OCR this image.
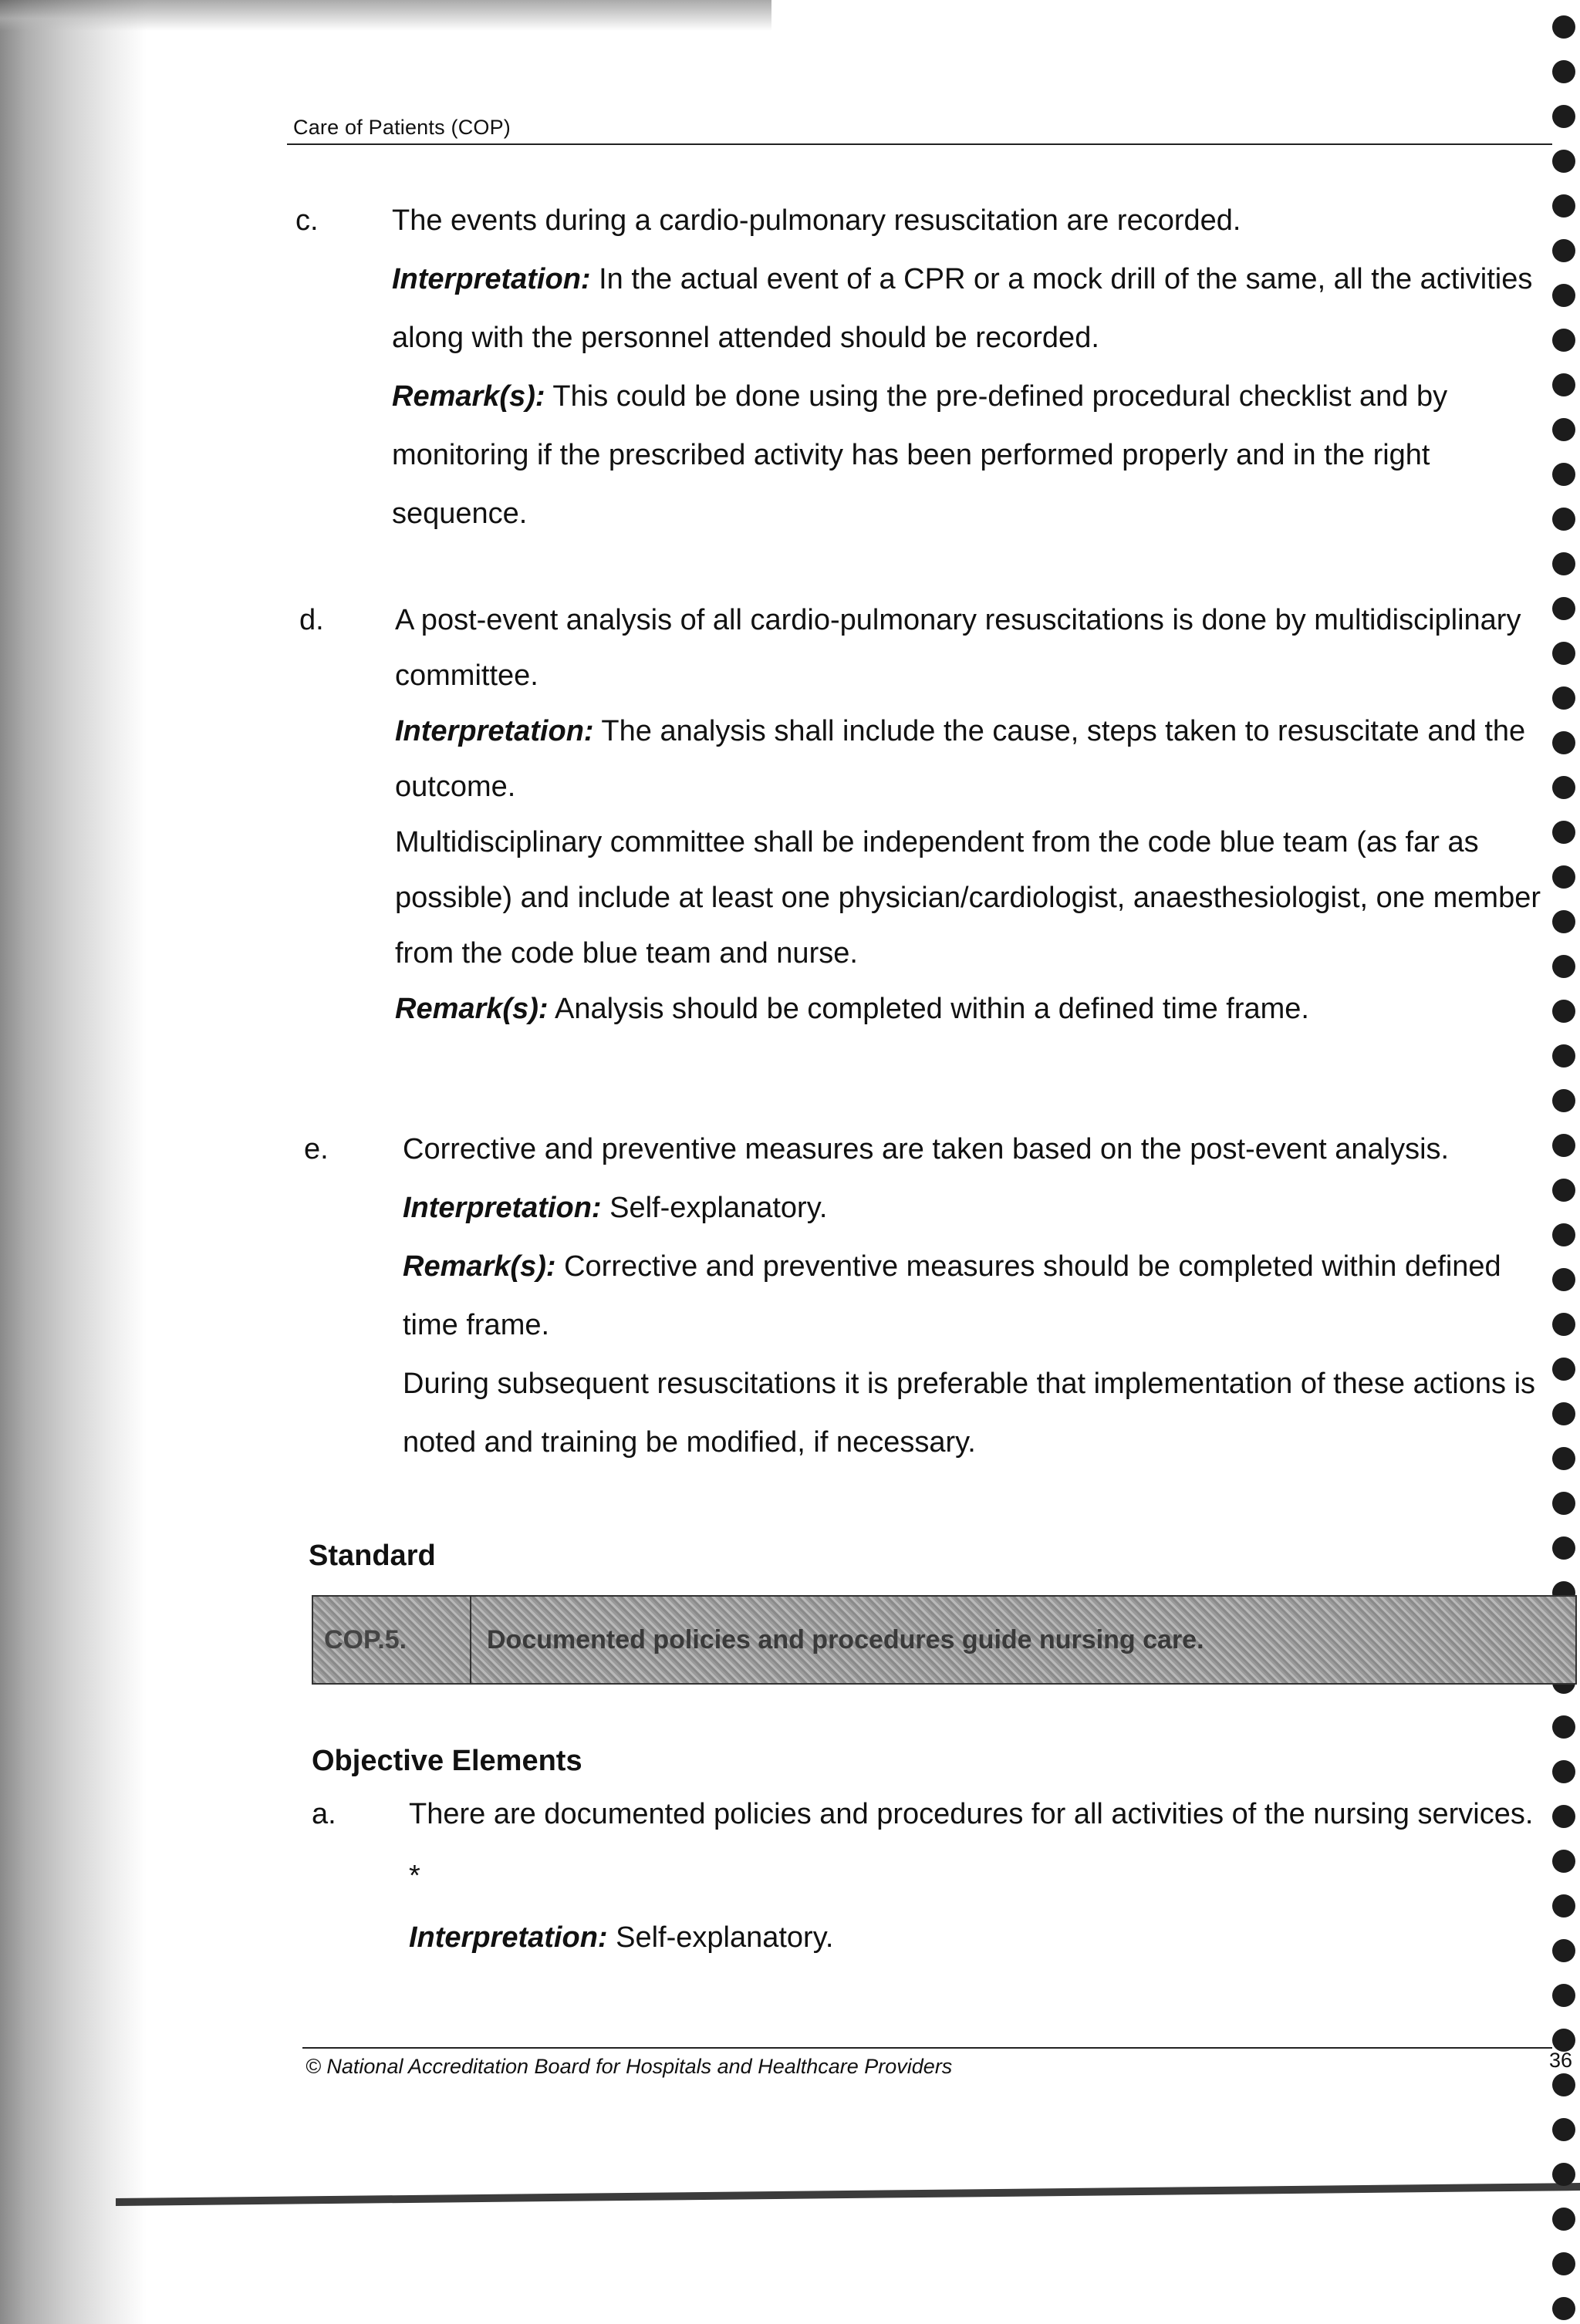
Care of Patients (COP)
c.	The events during a cardio-pulmonary resuscitation are recorded.

Interpretation: In the actual event of a CPR or a mock drill of the same, all the activities along with the personnel attended should be recorded.

Remark(s): This could be done using the pre-defined procedural checklist and by monitoring if the prescribed activity has been performed properly and in the right sequence.

d. A post-event analysis of all cardio-pulmonary resuscitations is done by multidisciplinary committee.

Interpretation: The analysis shall include the cause, steps taken to resuscitate and the outcome.

Multidisciplinary committee shall be independent from the code blue team (as far as possible) and include at least one physician/cardiologist, anaesthesiologist, one member from the code blue team and nurse.

Remark(s): Analysis should be completed within a defined time frame.

e.	Corrective and preventive measures are taken based on the post-event analysis.

Interpretation: Self-explanatory.

Remark(s): Corrective and preventive measures should be completed within defined time frame.

During subsequent resuscitations it is preferable that implementation of these actions is noted and training be modified, if necessary.

Standard
COP.5.	Documented policies and procedures guide nursing care.
Objective Elements
a. There are documented policies and procedures for all activities of the nursing services. *

Interpretation: Self-explanatory.

© National Accreditation Board for Hospitals and Healthcare Providers	36
